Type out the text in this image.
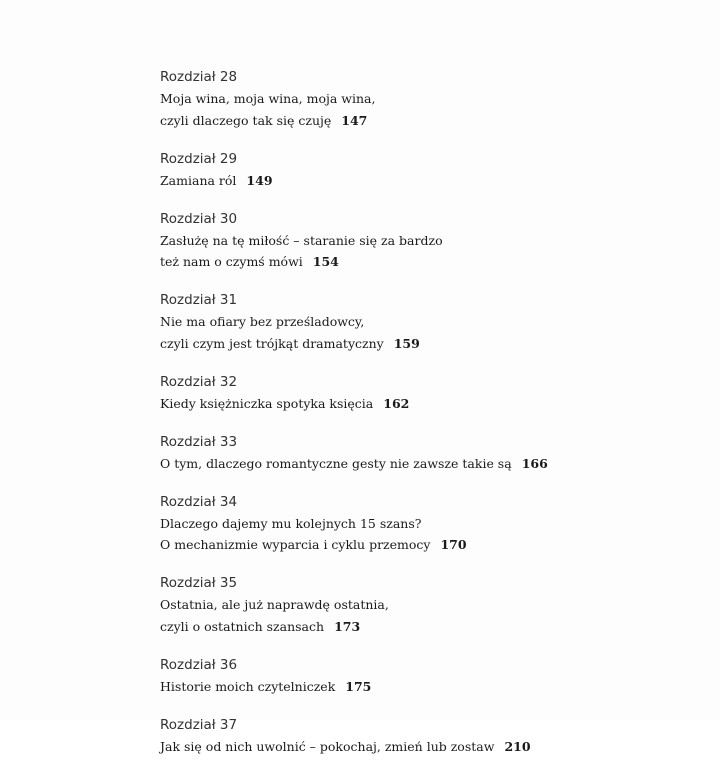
Rozdział 28
Moja wina, moja wina, moja wina,
czyli dlaczego tak się czuję 147
Rozdział 29
Zamiana ról 149
Rozdział 30
Zasłużę na tę miłość – staranie się za bardzo
też nam o czymś mówi 154
Rozdział 31
Nie ma ofiary bez prześladowcy,
czyli czym jest trójkąt dramatyczny 159
Rozdział 32
Kiedy księżniczka spotyka księcia 162
Rozdział 33
O tym, dlaczego romantyczne gesty nie zawsze takie są 166
Rozdział 34
Dlaczego dajemy mu kolejnych 15 szans?
O mechanizmie wyparcia i cyklu przemocy 170
Rozdział 35
Ostatnia, ale już naprawdę ostatnia,
czyli o ostatnich szansach 173
Rozdział 36
Historie moich czytelniczek 175
Rozdział 37
Jak się od nich uwolnić – pokochaj, zmień lub zostaw 210
